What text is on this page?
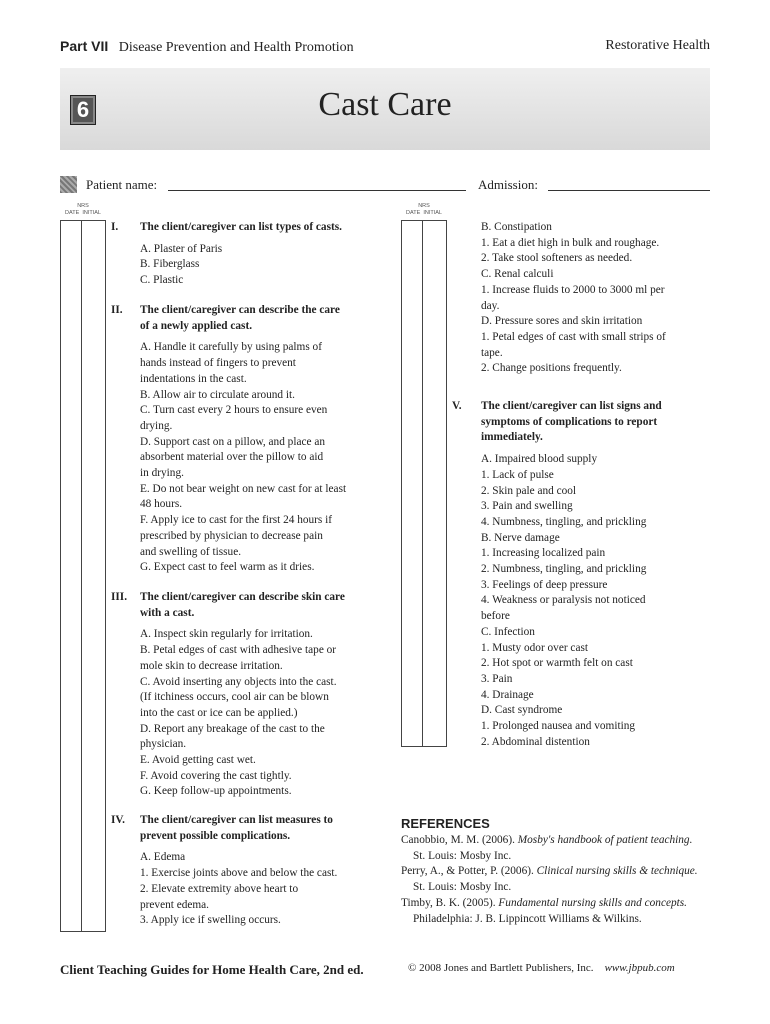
Part VII Disease Prevention and Health Promotion	Restorative Health
6	Cast Care
Patient name:	Admission:
NRS
DATE INITIAL
NRS
DATE INITIAL
I. The client/caregiver can list types of casts.
A. Plaster of Paris
B. Fiberglass
C. Plastic
II. The client/caregiver can describe the care
of a newly applied cast.
A. Handle it carefully by using palms of
hands instead of fingers to prevent
indentations in the cast.
B. Allow air to circulate around it.
C. Turn cast every 2 hours to ensure even
drying.
D. Support cast on a pillow, and place an
absorbent material over the pillow to aid
in drying.
E. Do not bear weight on new cast for at least
48 hours.
F. Apply ice to cast for the first 24 hours if
prescribed by physician to decrease pain
and swelling of tissue.
G. Expect cast to feel warm as it dries.
III. The client/caregiver can describe skin care
with a cast.
A. Inspect skin regularly for irritation.
B. Petal edges of cast with adhesive tape or
mole skin to decrease irritation.
C. Avoid inserting any objects into the cast.
(If itchiness occurs, cool air can be blown
into the cast or ice can be applied.)
D. Report any breakage of the cast to the
physician.
E. Avoid getting cast wet.
F. Avoid covering the cast tightly.
G. Keep follow-up appointments.
IV. The client/caregiver can list measures to
prevent possible complications.
A. Edema
1. Exercise joints above and below the cast.
2. Elevate extremity above heart to
prevent edema.
3. Apply ice if swelling occurs.
B. Constipation
1. Eat a diet high in bulk and roughage.
2. Take stool softeners as needed.
C. Renal calculi
1. Increase fluids to 2000 to 3000 ml per
day.
D. Pressure sores and skin irritation
1. Petal edges of cast with small strips of
tape.
2. Change positions frequently.
V. The client/caregiver can list signs and
symptoms of complications to report
immediately.
A. Impaired blood supply
1. Lack of pulse
2. Skin pale and cool
3. Pain and swelling
4. Numbness, tingling, and prickling
B. Nerve damage
1. Increasing localized pain
2. Numbness, tingling, and prickling
3. Feelings of deep pressure
4. Weakness or paralysis not noticed
before
C. Infection
1. Musty odor over cast
2. Hot spot or warmth felt on cast
3. Pain
4. Drainage
D. Cast syndrome
1. Prolonged nausea and vomiting
2. Abdominal distention
REFERENCES
Canobbio, M. M. (2006). Mosby's handbook of patient teaching.
St. Louis: Mosby Inc.
Perry, A., & Potter, P. (2006). Clinical nursing skills & technique.
St. Louis: Mosby Inc.
Timby, B. K. (2005). Fundamental nursing skills and concepts.
Philadelphia: J. B. Lippincott Williams & Wilkins.
Client Teaching Guides for Home Health Care, 2nd ed.	© 2008 Jones and Bartlett Publishers, Inc. www.jbpub.com
